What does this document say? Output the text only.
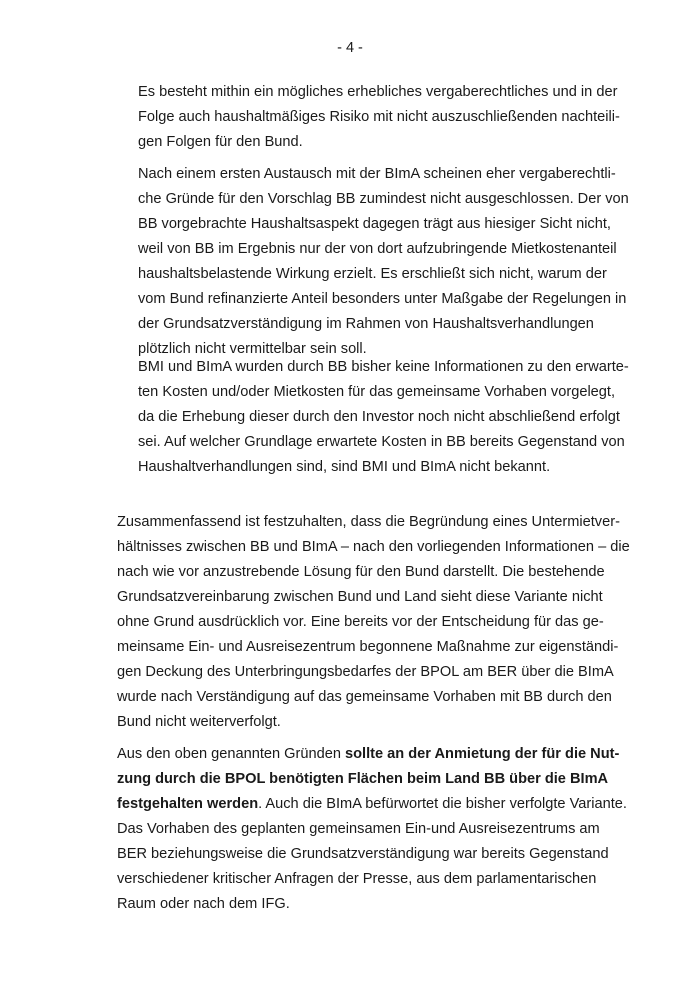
- 4 -
Es besteht mithin ein mögliches erhebliches vergaberechtliches und in der
Folge auch haushaltmäßiges Risiko mit nicht auszuschließenden nachteili-
gen Folgen für den Bund.
Nach einem ersten Austausch mit der BImA scheinen eher vergaberechtli-
che Gründe für den Vorschlag BB zumindest nicht ausgeschlossen. Der von
BB vorgebrachte Haushaltsaspekt dagegen trägt aus hiesiger Sicht nicht,
weil von BB im Ergebnis nur der von dort aufzubringende Mietkostenanteil
haushaltsbelastende Wirkung erzielt. Es erschließt sich nicht, warum der
vom Bund refinanzierte Anteil besonders unter Maßgabe der Regelungen in
der Grundsatzverständigung im Rahmen von Haushaltsverhandlungen
plötzlich nicht vermittelbar sein soll.
BMI und BImA wurden durch BB bisher keine Informationen zu den erwarte-
ten Kosten und/oder Mietkosten für das gemeinsame Vorhaben vorgelegt,
da die Erhebung dieser durch den Investor noch nicht abschließend erfolgt
sei. Auf welcher Grundlage erwartete Kosten in BB bereits Gegenstand von
Haushaltverhandlungen sind, sind BMI und BImA nicht bekannt.
Zusammenfassend ist festzuhalten, dass die Begründung eines Untermietver-
hältnisses zwischen BB und BImA – nach den vorliegenden Informationen – die
nach wie vor anzustrebende Lösung für den Bund darstellt. Die bestehende
Grundsatzvereinbarung zwischen Bund und Land sieht diese Variante nicht
ohne Grund ausdrücklich vor. Eine bereits vor der Entscheidung für das ge-
meinsame Ein- und Ausreisezentrum begonnene Maßnahme zur eigenständi-
gen Deckung des Unterbringungsbedarfes der BPOL am BER über die BImA
wurde nach Verständigung auf das gemeinsame Vorhaben mit BB durch den
Bund nicht weiterverfolgt.
Aus den oben genannten Gründen sollte an der Anmietung der für die Nut-
zung durch die BPOL benötigten Flächen beim Land BB über die BImA
festgehalten werden. Auch die BImA befürwortet die bisher verfolgte Variante.
Das Vorhaben des geplanten gemeinsamen Ein-und Ausreisezentrums am
BER beziehungsweise die Grundsatzverständigung war bereits Gegenstand
verschiedener kritischer Anfragen der Presse, aus dem parlamentarischen
Raum oder nach dem IFG.
